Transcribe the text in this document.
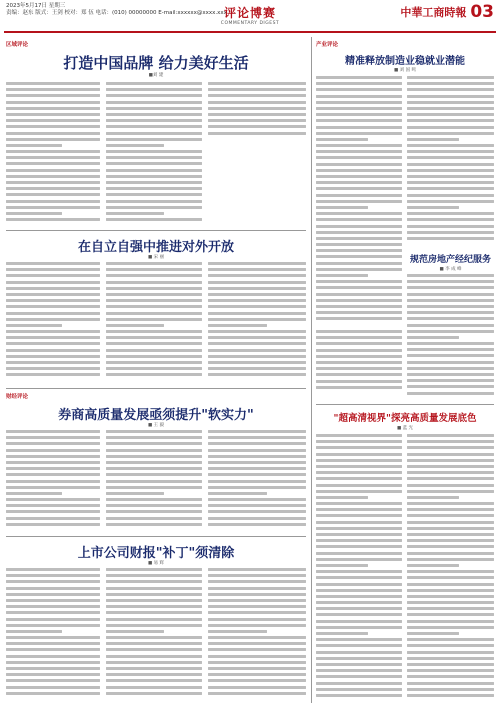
2023年5月17日 星期三
责编：赵东 版式：王剑 校对：郑 伍 电话：(010) 00000000 E-mail:xxxxxx@xxxx.xxx
评论博赛
COMMENTARY DIGEST
中華工商時報 03
区域评论
打造中国品牌 给力美好生活
■刘 建
在自立自强中推进对外开放
■ 宋 丽
财经评论
券商高质量发展亟须提升"软实力"
■ 王 毅
上市公司财报"补丁"须清除
■ 易 辉
产业评论
精准释放制造业稳就业潜能
■ 刘 国 鸣
规范房地产经纪服务
■ 李 成 峰
"超高清视界"探亮高质量发展底色
■ 蓝 光
